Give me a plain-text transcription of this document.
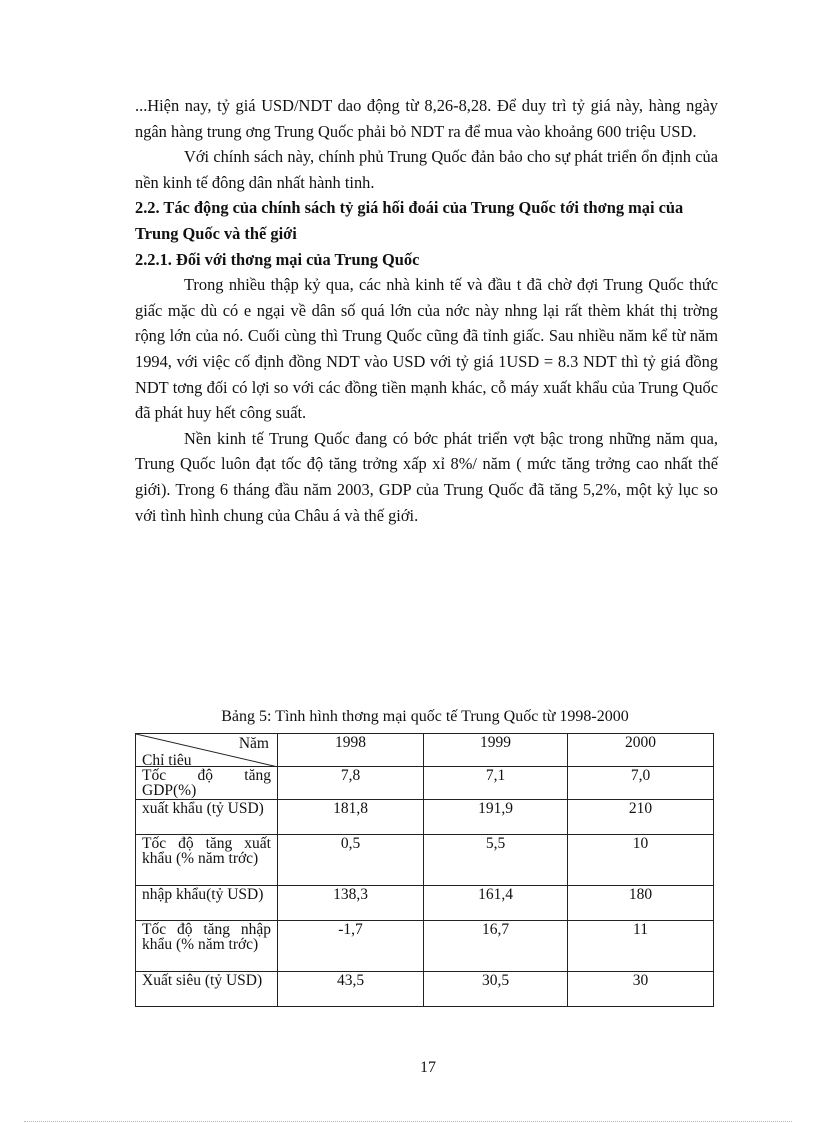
...Hiện nay, tỷ giá USD/NDT dao động từ 8,26-8,28. Để duy trì tỷ giá này, hàng ngày ngân hàng trung ơng Trung Quốc phải bỏ NDT ra để mua vào khoảng 600 triệu USD.

Với chính sách này, chính phủ Trung Quốc đản bảo cho sự phát triển ổn định của nền kinh tế đông dân nhất hành tinh.

2.2. Tác động của chính sách tỷ giá hối đoái của Trung Quốc tới thơng mại của Trung Quốc và thế giới

2.2.1. Đối với thơng mại của Trung Quốc

Trong nhiều thập kỷ qua, các nhà kinh tế và đầu t đã chờ đợi Trung Quốc thức giấc mặc dù có e ngại về dân số quá lớn của nớc này nhng lại rất thèm khát thị trờng rộng lớn của nó. Cuối cùng thì Trung Quốc cũng đã tỉnh giấc. Sau nhiều năm kể từ năm 1994, với việc cố định đồng NDT vào USD với tỷ giá 1USD = 8.3 NDT thì tỷ giá đồng NDT tơng đối có lợi so với các đồng tiền mạnh khác, cỗ máy xuất khẩu của Trung Quốc đã phát huy hết công suất.

Nền kinh tế Trung Quốc đang có bớc phát triển vợt bậc trong những năm qua, Trung Quốc luôn đạt tốc độ tăng trởng xấp xỉ 8%/ năm ( mức tăng trởng cao nhất thế giới). Trong 6 tháng đầu năm 2003, GDP của Trung Quốc đã tăng 5,2%, một kỷ lục so với tình hình chung của Châu á và thế giới.

Bảng 5: Tình hình thơng mại quốc tế Trung Quốc từ 1998-2000
Năm
Chỉ tiêu	1998	1999	2000
Tốc độ tăng GDP(%)	7,8	7,1	7,0
xuất khẩu (tỷ USD)	181,8	191,9	210
Tốc độ tăng xuất khẩu (% năm trớc)	0,5	5,5	10
nhập khẩu(tỷ USD)	138,3	161,4	180
Tốc độ tăng nhập khẩu (% năm trớc)	-1,7	16,7	11
Xuất siêu (tỷ USD)	43,5	30,5	30
17
